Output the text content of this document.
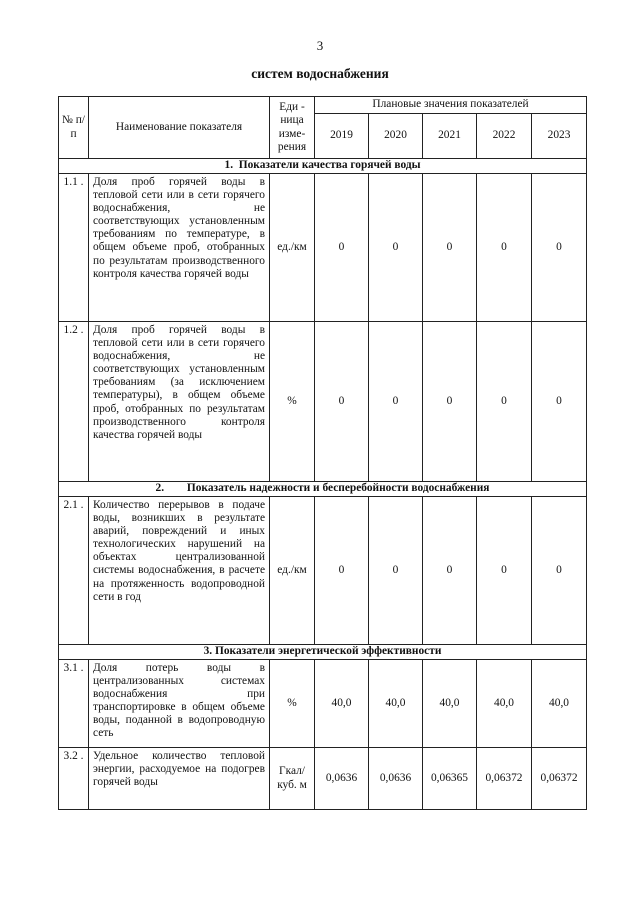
3
систем водоснабжения
№ п/п	Наименование показателя	Еди - ница изме- рения	Плановые значения показателей				
			2019	2020	2021	2022	2023
1.  Показатели качества горячей воды							
1.1 .	Доля проб горячей воды в тепловой сети или в сети горячего водоснабжения, не соответствующих установленным требованиям по температуре, в общем объеме проб, отобранных по результатам производственного контроля качества горячей воды	ед./км	0	0	0	0	0
1.2 .	Доля проб горячей воды в тепловой сети или в сети горячего водоснабжения, не соответствующих установленным требованиям (за исключением температуры), в общем объеме проб, отобранных по результатам производственного контроля качества горячей воды	%	0	0	0	0	0
2.        Показатель надежности и бесперебойности водоснабжения							
2.1 .	Количество перерывов в подаче воды, возникших в результате аварий, повреждений и иных технологических нарушений на объектах централизованной системы водоснабжения, в расчете на протяженность водопроводной сети в год	ед./км	0	0	0	0	0
3. Показатели энергетической эффективности							
3.1 .	Доля потерь воды в централизованных системах водоснабжения при транспортировке в общем объеме воды, поданной в водопроводную сеть	%	40,0	40,0	40,0	40,0	40,0
3.2 .	Удельное количество тепловой энергии, расходуемое на подогрев горячей воды	Гкал/ куб. м	0,0636	0,0636	0,06365	0,06372	0,06372
